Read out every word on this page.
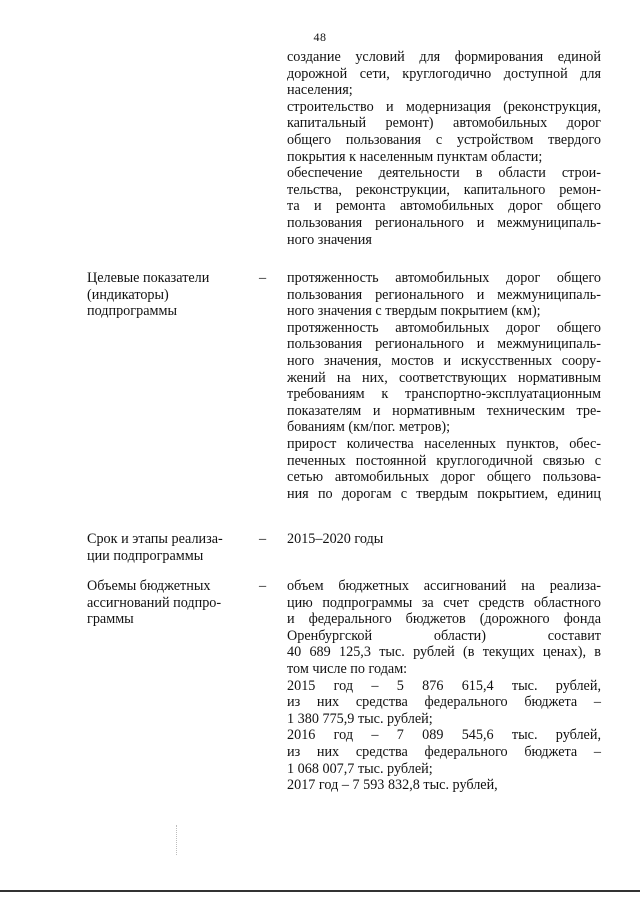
48
создание условий для формирования единой
дорожной сети, круглогодично доступной для
населения;
строительство и модернизация (реконструкция,
капитальный ремонт) автомобильных дорог
общего пользования с устройством твердого
покрытия к населенным пунктам области;
обеспечение деятельности в области строи-
тельства, реконструкции, капитального ремон-
та и ремонта автомобильных дорог общего
пользования регионального и межмуниципаль-
ного значения
Целевые показатели
(индикаторы)
подпрограммы
– протяженность автомобильных дорог общего
пользования регионального и межмуниципаль-
ного значения с твердым покрытием (км);
протяженность автомобильных дорог общего
пользования регионального и межмуниципаль-
ного значения, мостов и искусственных соору-
жений на них, соответствующих нормативным
требованиям к транспортно-эксплуатационным
показателям и нормативным техническим тре-
бованиям (км/пог. метров);
прирост количества населенных пунктов, обес-
печенных постоянной круглогодичной связью с
сетью автомобильных дорог общего пользова-
ния по дорогам с твердым покрытием, единиц
Срок и этапы реализа-
ции подпрограммы
– 2015–2020 годы
Объемы бюджетных
ассигнований подпро-
граммы
– объем бюджетных ассигнований на реализа-
цию подпрограммы за счет средств областного
и федерального бюджетов (дорожного фонда
Оренбургской области) составит
40 689 125,3 тыс. рублей (в текущих ценах), в
том числе по годам:
2015 год – 5 876 615,4 тыс. рублей,
из них средства федерального бюджета –
1 380 775,9 тыс. рублей;
2016 год – 7 089 545,6 тыс. рублей,
из них средства федерального бюджета –
1 068 007,7 тыс. рублей;
2017 год – 7 593 832,8 тыс. рублей,
